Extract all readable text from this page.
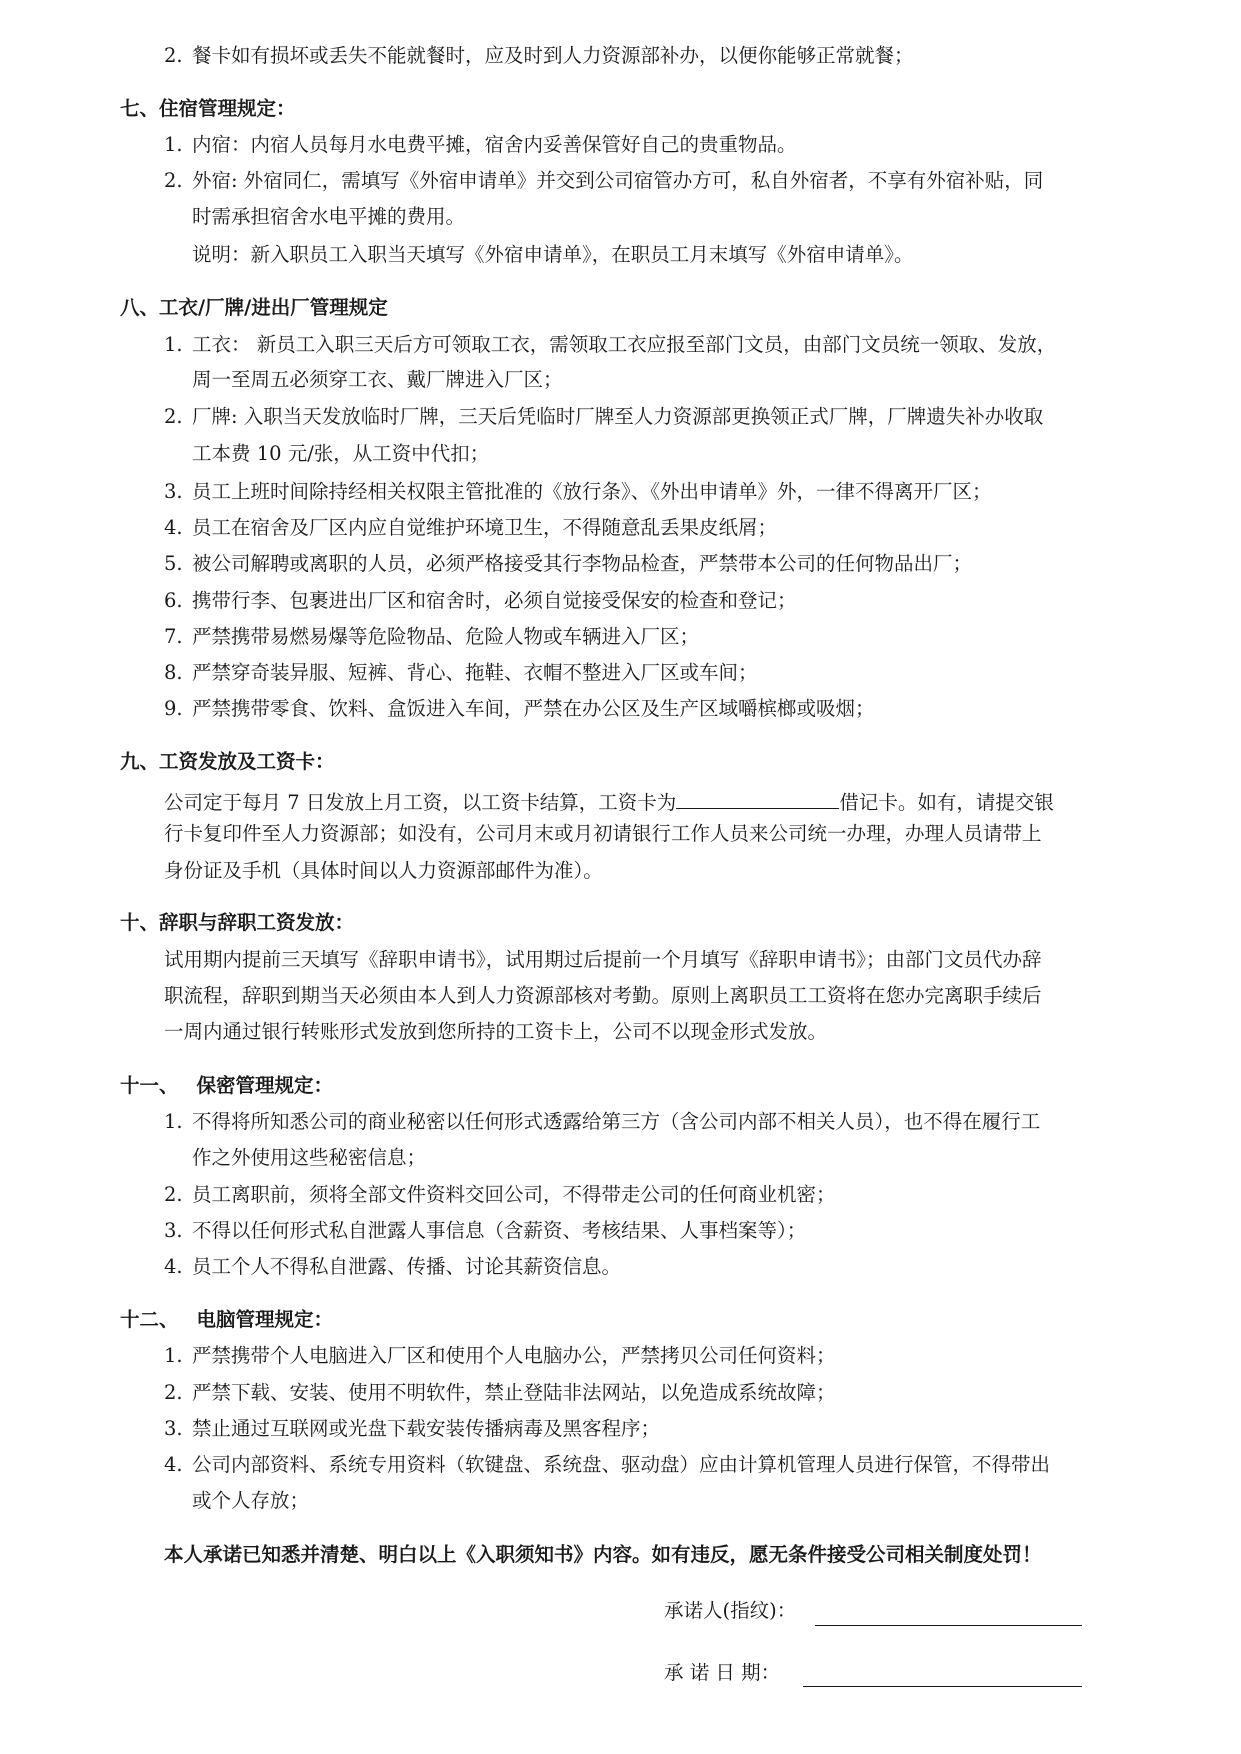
2. 餐卡如有损坏或丢失不能就餐时，应及时到人力资源部补办，以便你能够正常就餐；
七、住宿管理规定：
1. 内宿：内宿人员每月水电费平摊，宿舍内妥善保管好自己的贵重物品。
2. 外宿: 外宿同仁，需填写《外宿申请单》并交到公司宿管办方可，私自外宿者，不享有外宿补贴，同
时需承担宿舍水电平摊的费用。
说明：新入职员工入职当天填写《外宿申请单》，在职员工月末填写《外宿申请单》。
八、工衣/厂牌/进出厂管理规定
1. 工衣： 新员工入职三天后方可领取工衣，需领取工衣应报至部门文员，由部门文员统一领取、发放，
周一至周五必须穿工衣、戴厂牌进入厂区；
2. 厂牌: 入职当天发放临时厂牌，三天后凭临时厂牌至人力资源部更换领正式厂牌，厂牌遗失补办收取
工本费 10 元/张，从工资中代扣；
3. 员工上班时间除持经相关权限主管批准的《放行条》、《外出申请单》外，一律不得离开厂区；
4. 员工在宿舍及厂区内应自觉维护环境卫生，不得随意乱丢果皮纸屑；
5. 被公司解聘或离职的人员，必须严格接受其行李物品检查，严禁带本公司的任何物品出厂；
6. 携带行李、包裹进出厂区和宿舍时，必须自觉接受保安的检查和登记；
7. 严禁携带易燃易爆等危险物品、危险人物或车辆进入厂区；
8. 严禁穿奇装异服、短裤、背心、拖鞋、衣帽不整进入厂区或车间；
9. 严禁携带零食、饮料、盒饭进入车间，严禁在办公区及生产区域嚼槟榔或吸烟；
九、工资发放及工资卡：
公司定于每月 7 日发放上月工资，以工资卡结算，工资卡为	借记卡。如有，请提交银
行卡复印件至人力资源部；如没有，公司月末或月初请银行工作人员来公司统一办理，办理人员请带上
身份证及手机（具体时间以人力资源部邮件为准）。
十、辞职与辞职工资发放：
试用期内提前三天填写《辞职申请书》，试用期过后提前一个月填写《辞职申请书》；由部门文员代办辞
职流程，辞职到期当天必须由本人到人力资源部核对考勤。原则上离职员工工资将在您办完离职手续后
一周内通过银行转账形式发放到您所持的工资卡上，公司不以现金形式发放。
十一、 保密管理规定：
1. 不得将所知悉公司的商业秘密以任何形式透露给第三方（含公司内部不相关人员），也不得在履行工
作之外使用这些秘密信息；
2. 员工离职前，须将全部文件资料交回公司，不得带走公司的任何商业机密；
3. 不得以任何形式私自泄露人事信息（含薪资、考核结果、人事档案等）；
4. 员工个人不得私自泄露、传播、讨论其薪资信息。
十二、 电脑管理规定：
1. 严禁携带个人电脑进入厂区和使用个人电脑办公，严禁拷贝公司任何资料；
2. 严禁下载、安装、使用不明软件，禁止登陆非法网站，以免造成系统故障；
3. 禁止通过互联网或光盘下载安装传播病毒及黑客程序；
4. 公司内部资料、系统专用资料（软键盘、系统盘、驱动盘）应由计算机管理人员进行保管，不得带出
或个人存放；
本人承诺已知悉并清楚、明白以上《入职须知书》内容。如有违反，愿无条件接受公司相关制度处罚！
承诺人(指纹)：
承 诺 日 期：
